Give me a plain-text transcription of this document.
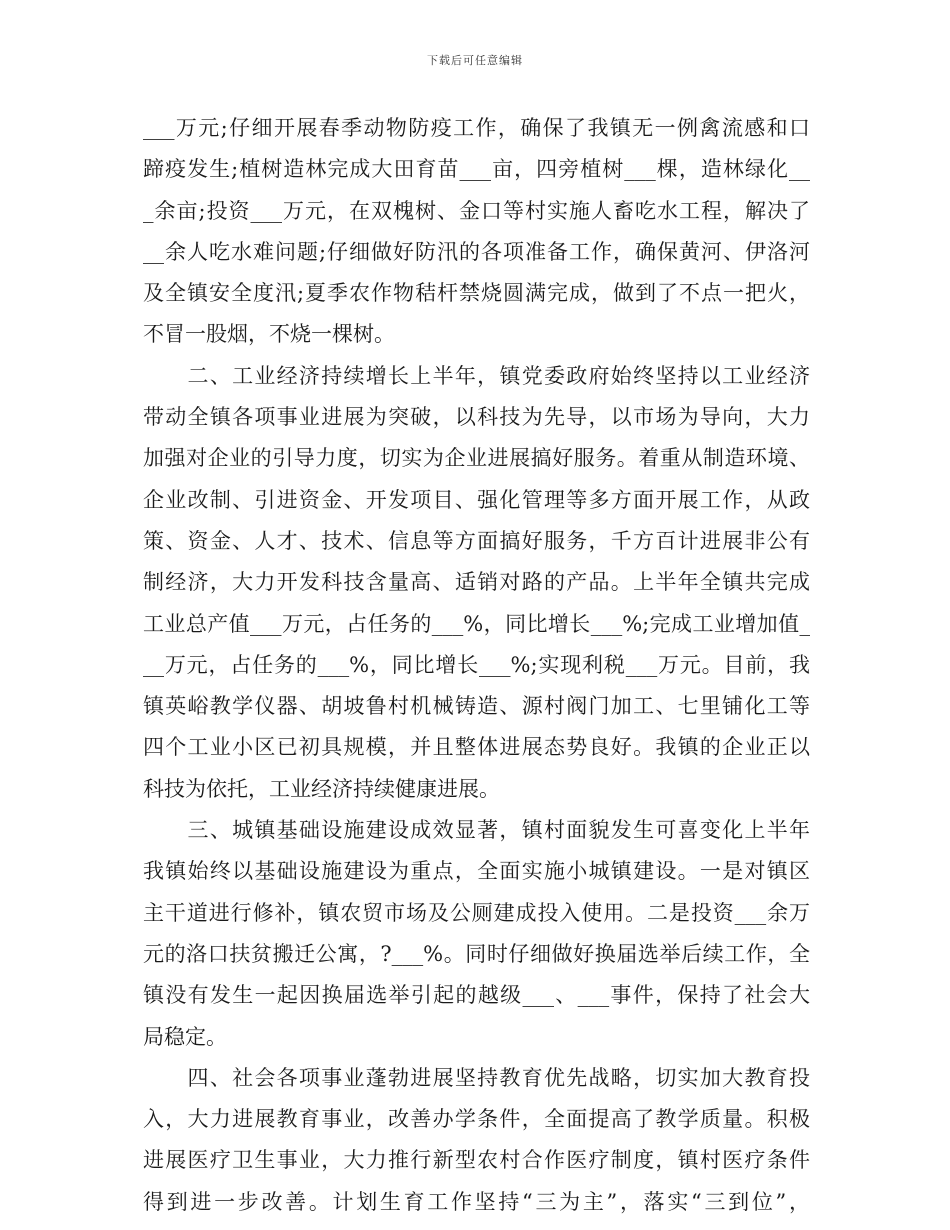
下载后可任意编辑
___万元;仔细开展春季动物防疫工作，确保了我镇无一例禽流感和口
蹄疫发生;植树造林完成大田育苗___亩，四旁植树___棵，造林绿化__
_余亩;投资___万元，在双槐树、金口等村实施人畜吃水工程，解决了
__余人吃水难问题;仔细做好防汛的各项准备工作，确保黄河、伊洛河
及全镇安全度汛;夏季农作物秸杆禁烧圆满完成，做到了不点一把火，
不冒一股烟，不烧一棵树。
　　二、工业经济持续增长上半年，镇党委政府始终坚持以工业经济
带动全镇各项事业进展为突破，以科技为先导，以市场为导向，大力
加强对企业的引导力度，切实为企业进展搞好服务。着重从制造环境、
企业改制、引进资金、开发项目、强化管理等多方面开展工作，从政
策、资金、人才、技术、信息等方面搞好服务，千方百计进展非公有
制经济，大力开发科技含量高、适销对路的产品。上半年全镇共完成
工业总产值___万元，占任务的___%，同比增长___%;完成工业增加值_
__万元，占任务的___%，同比增长___%;实现利税___万元。目前，我
镇英峪教学仪器、胡坡鲁村机械铸造、源村阀门加工、七里铺化工等
四个工业小区已初具规模，并且整体进展态势良好。我镇的企业正以
科技为依托，工业经济持续健康进展。
　　三、城镇基础设施建设成效显著，镇村面貌发生可喜变化上半年
我镇始终以基础设施建设为重点，全面实施小城镇建设。一是对镇区
主干道进行修补，镇农贸市场及公厕建成投入使用。二是投资___余万
元的洛口扶贫搬迁公寓，?___%。同时仔细做好换届选举后续工作，全
镇没有发生一起因换届选举引起的越级___、___事件，保持了社会大
局稳定。
　　四、社会各项事业蓬勃进展坚持教育优先战略，切实加大教育投
入，大力进展教育事业，改善办学条件，全面提高了教学质量。积极
进展医疗卫生事业，大力推行新型农村合作医疗制度，镇村医疗条件
得到进一步改善。计划生育工作坚持“三为主”，落实“三到位”，
